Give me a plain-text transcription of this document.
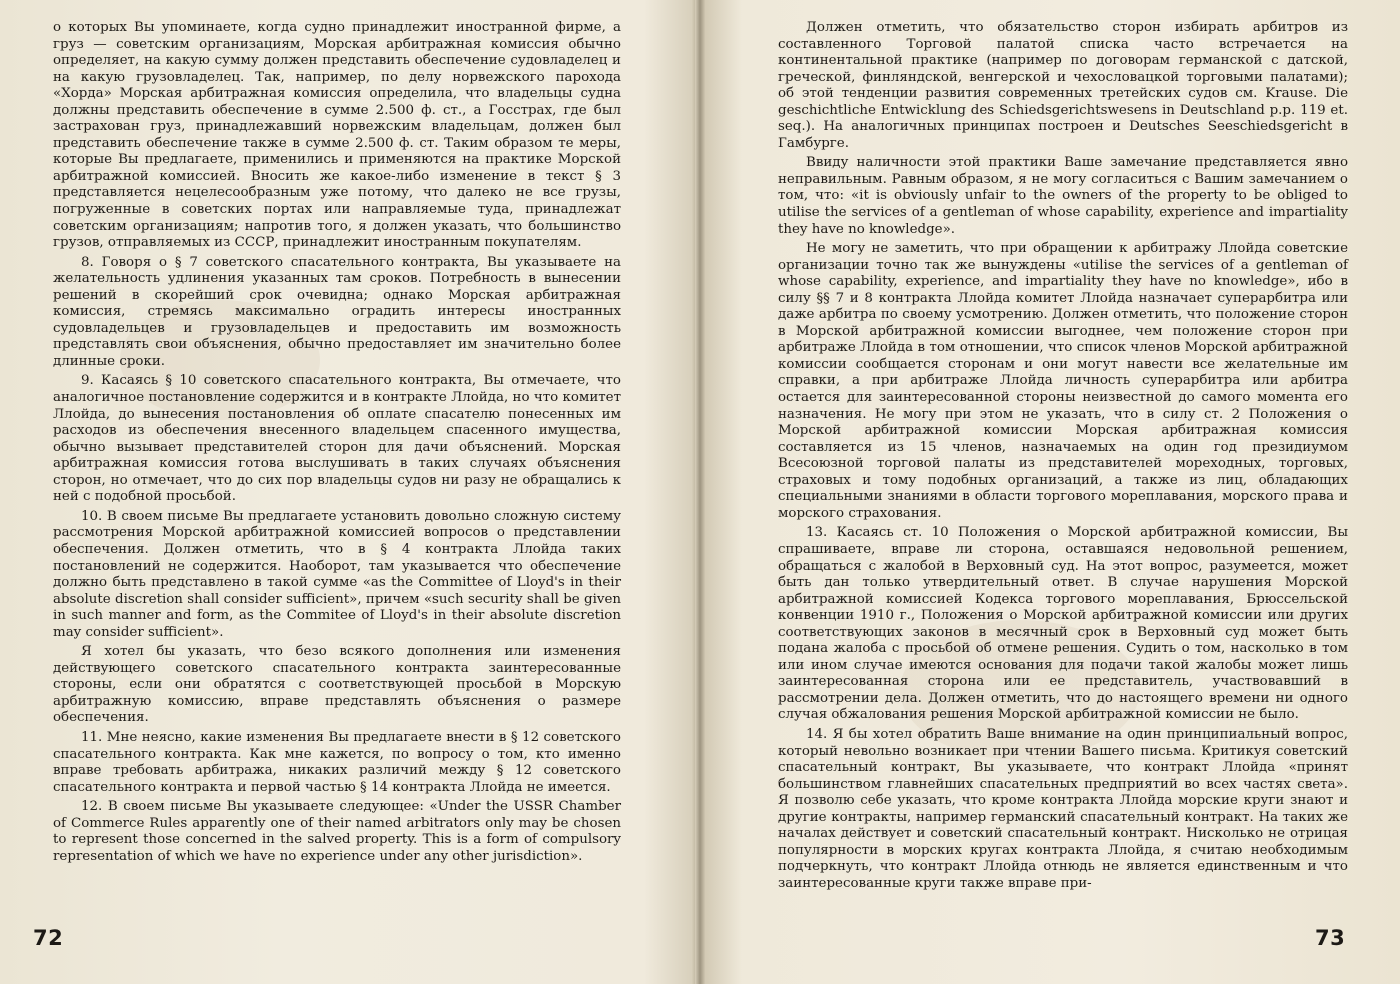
о которых Вы упоминаете, когда судно принадлежит иностранной фирме, а груз — советским организациям, Морская арбитражная комиссия обычно определяет, на какую сумму должен представить обеспечение судовладелец и на какую грузовладелец. Так, например, по делу норвежского парохода «Хорда» Морская арбитражная комиссия определила, что владельцы судна должны представить обеспечение в сумме 2.500 ф. ст., а Госстрах, где был застрахован груз, принадлежавший норвежским владельцам, должен был представить обеспечение также в сумме 2.500 ф. ст. Таким образом те меры, которые Вы предлагаете, применились и применяются на практике Морской арбитражной комиссией. Вносить же какое-либо изменение в текст § 3 представляется нецелесообразным уже потому, что далеко не все грузы, погруженные в советских портах или направляемые туда, принадлежат советским организациям; напротив того, я должен указать, что большинство грузов, отправляемых из СССР, принадлежит иностранным покупателям.

8. Говоря о § 7 советского спасательного контракта, Вы указываете на желательность удлинения указанных там сроков. Потребность в вынесении решений в скорейший срок очевидна; однако Морская арбитражная комиссия, стремясь максимально оградить интересы иностранных судовладельцев и грузовладельцев и предоставить им возможность представлять свои объяснения, обычно предоставляет им значительно более длинные сроки.

9. Касаясь § 10 советского спасательного контракта, Вы отмечаете, что аналогичное постановление содержится и в контракте Ллойда, но что комитет Ллойда, до вынесения постановления об оплате спасателю понесенных им расходов из обеспечения внесенного владельцем спасенного имущества, обычно вызывает представителей сторон для дачи объяснений. Морская арбитражная комиссия готова выслушивать в таких случаях объяснения сторон, но отмечает, что до сих пор владельцы судов ни разу не обращались к ней с подобной просьбой.

10. В своем письме Вы предлагаете установить довольно сложную систему рассмотрения Морской арбитражной комиссией вопросов о представлении обеспечения. Должен отметить, что в § 4 контракта Ллойда таких постановлений не содержится. Наоборот, там указывается что обеспечение должно быть представлено в такой сумме «as the Committee of Lloyd's in their absolute discretion shall consider sufficient», причем «such security shall be given in such manner and form, as the Commitee of Lloyd's in their absolute discretion may consider sufficient».

Я хотел бы указать, что безо всякого дополнения или изменения действующего советского спасательного контракта заинтересованные стороны, если они обратятся с соответствующей просьбой в Морскую арбитражную комиссию, вправе представлять объяснения о размере обеспечения.

11. Мне неясно, какие изменения Вы предлагаете внести в § 12 советского спасательного контракта. Как мне кажется, по вопросу о том, кто именно вправе требовать арбитража, никаких различий между § 12 советского спасательного контракта и первой частью § 14 контракта Ллойда не имеется.

12. В своем письме Вы указываете следующее: «Under the USSR Chamber of Commerce Rules apparently one of their named arbitrators only may be chosen to represent those concerned in the salved property. This is a form of compulsory representation of which we have no experience under any other jurisdiction».

72

Должен отметить, что обязательство сторон избирать арбитров из составленного Торговой палатой списка часто встречается на континентальной практике (например по договорам германской с датской, греческой, финляндской, венгерской и чехословацкой торговыми палатами); об этой тенденции развития современных третейских судов см. Krause. Die geschichtliche Entwicklung des Schiedsgerichtswesens in Deutschland p.p. 119 et. seq.). На аналогичных принципах построен и Deutsches Seeschiedsgericht в Гамбурге.

Ввиду наличности этой практики Ваше замечание представляется явно неправильным. Равным образом, я не могу согласиться с Вашим замечанием о том, что: «it is obviously unfair to the owners of the property to be obliged to utilise the services of a gentleman of whose capability, experience and impartiality they have no knowledge».

Не могу не заметить, что при обращении к арбитражу Ллойда советские организации точно так же вынуждены «utilise the services of a gentleman of whose capability, experience, and impartiality they have no knowledge», ибо в силу §§ 7 и 8 контракта Ллойда комитет Ллойда назначает суперарбитра или даже арбитра по своему усмотрению. Должен отметить, что положение сторон в Морской арбитражной комиссии выгоднее, чем положение сторон при арбитраже Ллойда в том отношении, что список членов Морской арбитражной комиссии сообщается сторонам и они могут навести все желательные им справки, а при арбитраже Ллойда личность суперарбитра или арбитра остается для заинтересованной стороны неизвестной до самого момента его назначения. Не могу при этом не указать, что в силу ст. 2 Положения о Морской арбитражной комиссии Морская арбитражная комиссия составляется из 15 членов, назначаемых на один год президиумом Всесоюзной торговой палаты из представителей мореходных, торговых, страховых и тому подобных организаций, а также из лиц, обладающих специальными знаниями в области торгового мореплавания, морского права и морского страхования.

13. Касаясь ст. 10 Положения о Морской арбитражной комиссии, Вы спрашиваете, вправе ли сторона, оставшаяся недовольной решением, обращаться с жалобой в Верховный суд. На этот вопрос, разумеется, может быть дан только утвердительный ответ. В случае нарушения Морской арбитражной комиссией Кодекса торгового мореплавания, Брюссельской конвенции 1910 г., Положения о Морской арбитражной комиссии или других соответствующих законов в месячный срок в Верховный суд может быть подана жалоба с просьбой об отмене решения. Судить о том, насколько в том или ином случае имеются основания для подачи такой жалобы может лишь заинтересованная сторона или ее представитель, участвовавший в рассмотрении дела. Должен отметить, что до настоящего времени ни одного случая обжалования решения Морской арбитражной комиссии не было.

14. Я бы хотел обратить Ваше внимание на один принципиальный вопрос, который невольно возникает при чтении Вашего письма. Критикуя советский спасательный контракт, Вы указываете, что контракт Ллойда «принят большинством главнейших спасательных предприятий во всех частях света». Я позволю себе указать, что кроме контракта Ллойда морские круги знают и другие контракты, например германский спасательный контракт. На таких же началах действует и советский спасательный контракт. Нисколько не отрицая популярности в морских кругах контракта Ллойда, я считаю необходимым подчеркнуть, что контракт Ллойда отнюдь не является единственным и что заинтересованные круги также вправе при-

73
